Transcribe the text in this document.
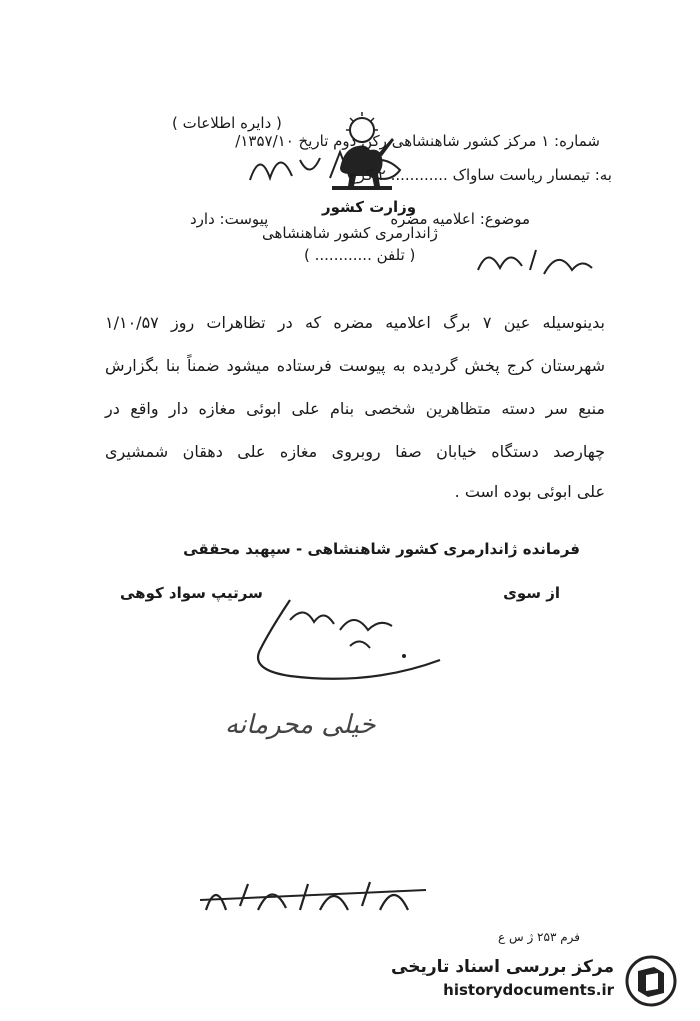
( دایره اطلاعات )
شماره: ۱ مرکز کشور شاهنشاهی رکن دوم تاریخ ۱۳۵۷/۱۰/
به: تیمسار ریاست ساواک ............ ۲ کرج
وزارت کشور
موضوع: اعلامیه مضره
پیوست: دارد
ژاندارمری کشور شاهنشاهی
( تلفن ............ )
بدینوسیله عین ۷ برگ اعلامیه مضره که در تظاهرات روز ۱/۱۰/۵۷
شهرستان کرج پخش گردیده به پیوست فرستاده میشود ضمناً بنا بگزارش
منبع سر دسته متظاهرین شخصی بنام علی ابوئی مغازه دار واقع در
چهارصد دستگاه خیابان صفا روبروی مغازه علی دهقان شمشیری
علی ابوئی بوده است .
فرمانده ژاندارمری کشور شاهنشاهی - سپهبد محققی
از سوی
سرتیپ سواد کوهی
خیلی محرمانه
فرم ۲۵۳ ژ س ع
مرکز بررسی اسناد تاریخی
historydocuments.ir
